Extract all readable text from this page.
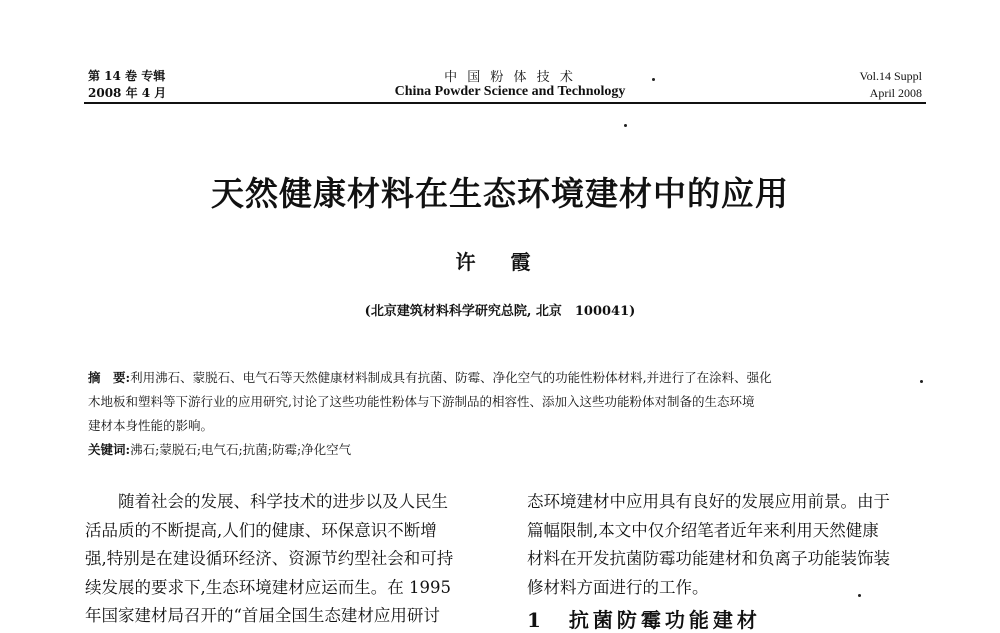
第 14 卷 专辑
2008 年 4 月
中 国 粉 体 技 术
China Powder Science and Technology
Vol.14 Suppl
April 2008
天然健康材料在生态环境建材中的应用
许 霞
(北京建筑材料科学研究总院, 北京　100041)
摘　要:利用沸石、蒙脱石、电气石等天然健康材料制成具有抗菌、防霉、净化空气的功能性粉体材料,并进行了在涂料、强化
木地板和塑料等下游行业的应用研究,讨论了这些功能性粉体与下游制品的相容性、添加入这些功能粉体对制备的生态环境
建材本身性能的影响。
关键词:沸石;蒙脱石;电气石;抗菌;防霉;净化空气
　　随着社会的发展、科学技术的进步以及人民生
活品质的不断提高,人们的健康、环保意识不断增
强,特别是在建设循环经济、资源节约型社会和可持
续发展的要求下,生态环境建材应运而生。在 1995
年国家建材局召开的“首届全国生态建材应用研讨
态环境建材中应用具有良好的发展应用前景。由于
篇幅限制,本文中仅介绍笔者近年来利用天然健康
材料在开发抗菌防霉功能建材和负离子功能装饰装
修材料方面进行的工作。
1　抗菌防霉功能建材
